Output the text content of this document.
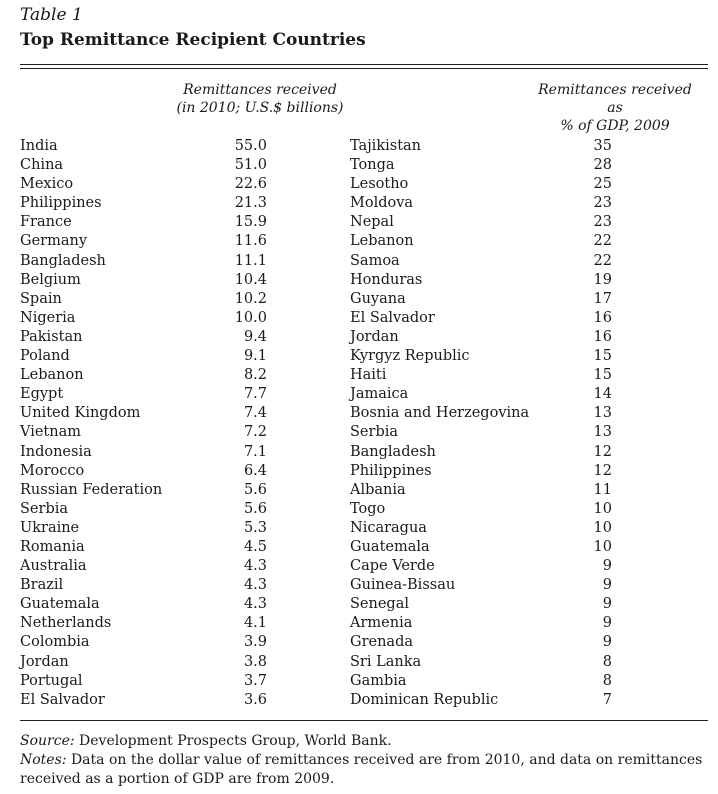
Table 1
Top Remittance Recipient Countries
Remittances received
(in 2010; U.S.$ billions)
Remittances received as
% of GDP, 2009
India	55.0	Tajikistan	35
China	51.0	Tonga	28
Mexico	22.6	Lesotho	25
Philippines	21.3	Moldova	23
France	15.9	Nepal	23
Germany	11.6	Lebanon	22
Bangladesh	11.1	Samoa	22
Belgium	10.4	Honduras	19
Spain	10.2	Guyana	17
Nigeria	10.0	El Salvador	16
Pakistan	9.4	Jordan	16
Poland	9.1	Kyrgyz Republic	15
Lebanon	8.2	Haiti	15
Egypt	7.7	Jamaica	14
United Kingdom	7.4	Bosnia and Herzegovina	13
Vietnam	7.2	Serbia	13
Indonesia	7.1	Bangladesh	12
Morocco	6.4	Philippines	12
Russian Federation	5.6	Albania	11
Serbia	5.6	Togo	10
Ukraine	5.3	Nicaragua	10
Romania	4.5	Guatemala	10
Australia	4.3	Cape Verde	9
Brazil	4.3	Guinea-Bissau	9
Guatemala	4.3	Senegal	9
Netherlands	4.1	Armenia	9
Colombia	3.9	Grenada	9
Jordan	3.8	Sri Lanka	8
Portugal	3.7	Gambia	8
El Salvador	3.6	Dominican Republic	7
Source: Development Prospects Group, World Bank.
Notes: Data on the dollar value of remittances received are from 2010, and data on remittances received as a portion of GDP are from 2009.
